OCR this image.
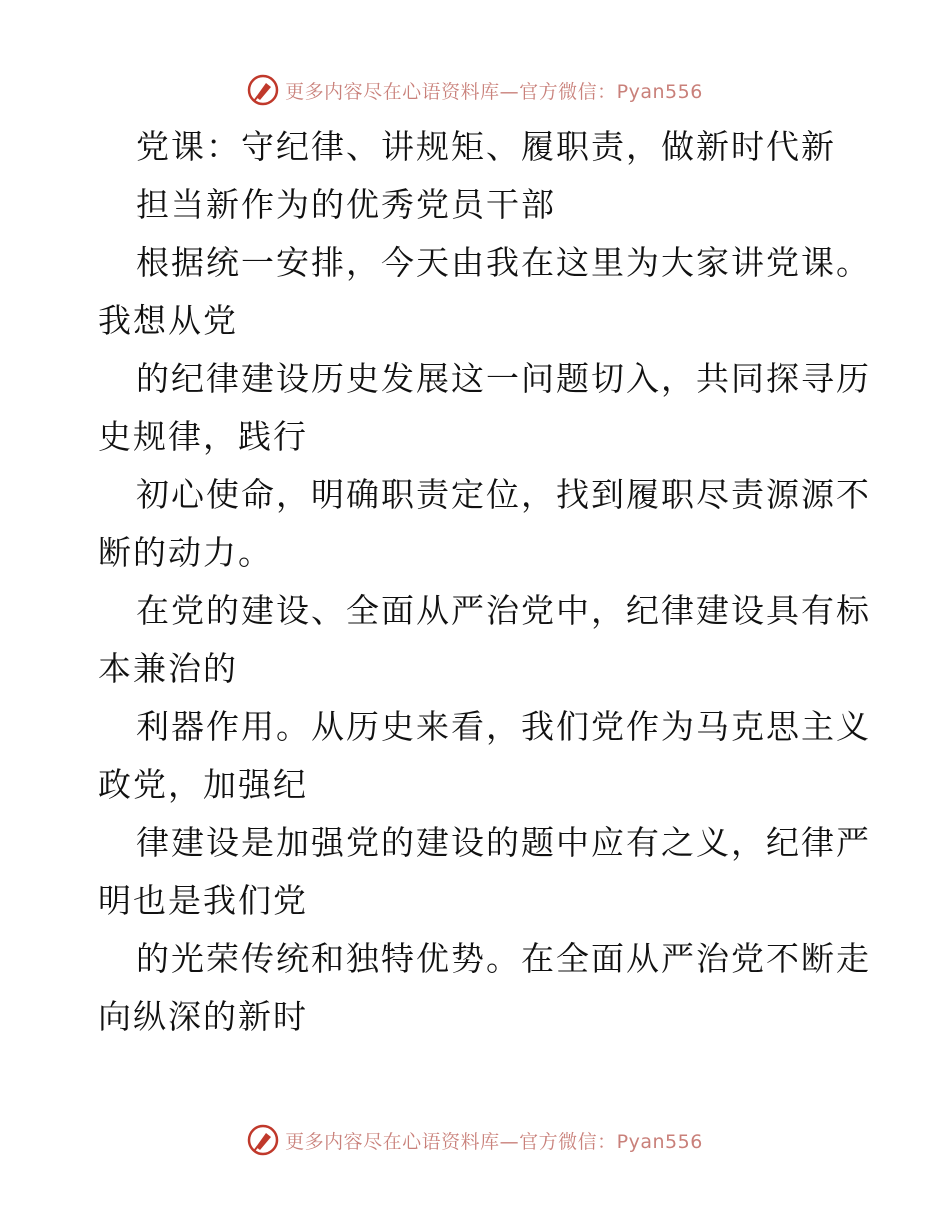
更多内容尽在心语资料库—官方微信：Pyan556
党课：守纪律、讲规矩、履职责，做新时代新
担当新作为的优秀党员干部
根据统一安排，今天由我在这里为大家讲党课。
我想从党
的纪律建设历史发展这一问题切入，共同探寻历
史规律，践行
初心使命，明确职责定位，找到履职尽责源源不
断的动力。
在党的建设、全面从严治党中，纪律建设具有标
本兼治的
利器作用。从历史来看，我们党作为马克思主义
政党，加强纪
律建设是加强党的建设的题中应有之义，纪律严
明也是我们党
的光荣传统和独特优势。在全面从严治党不断走
向纵深的新时
更多内容尽在心语资料库—官方微信：Pyan556
